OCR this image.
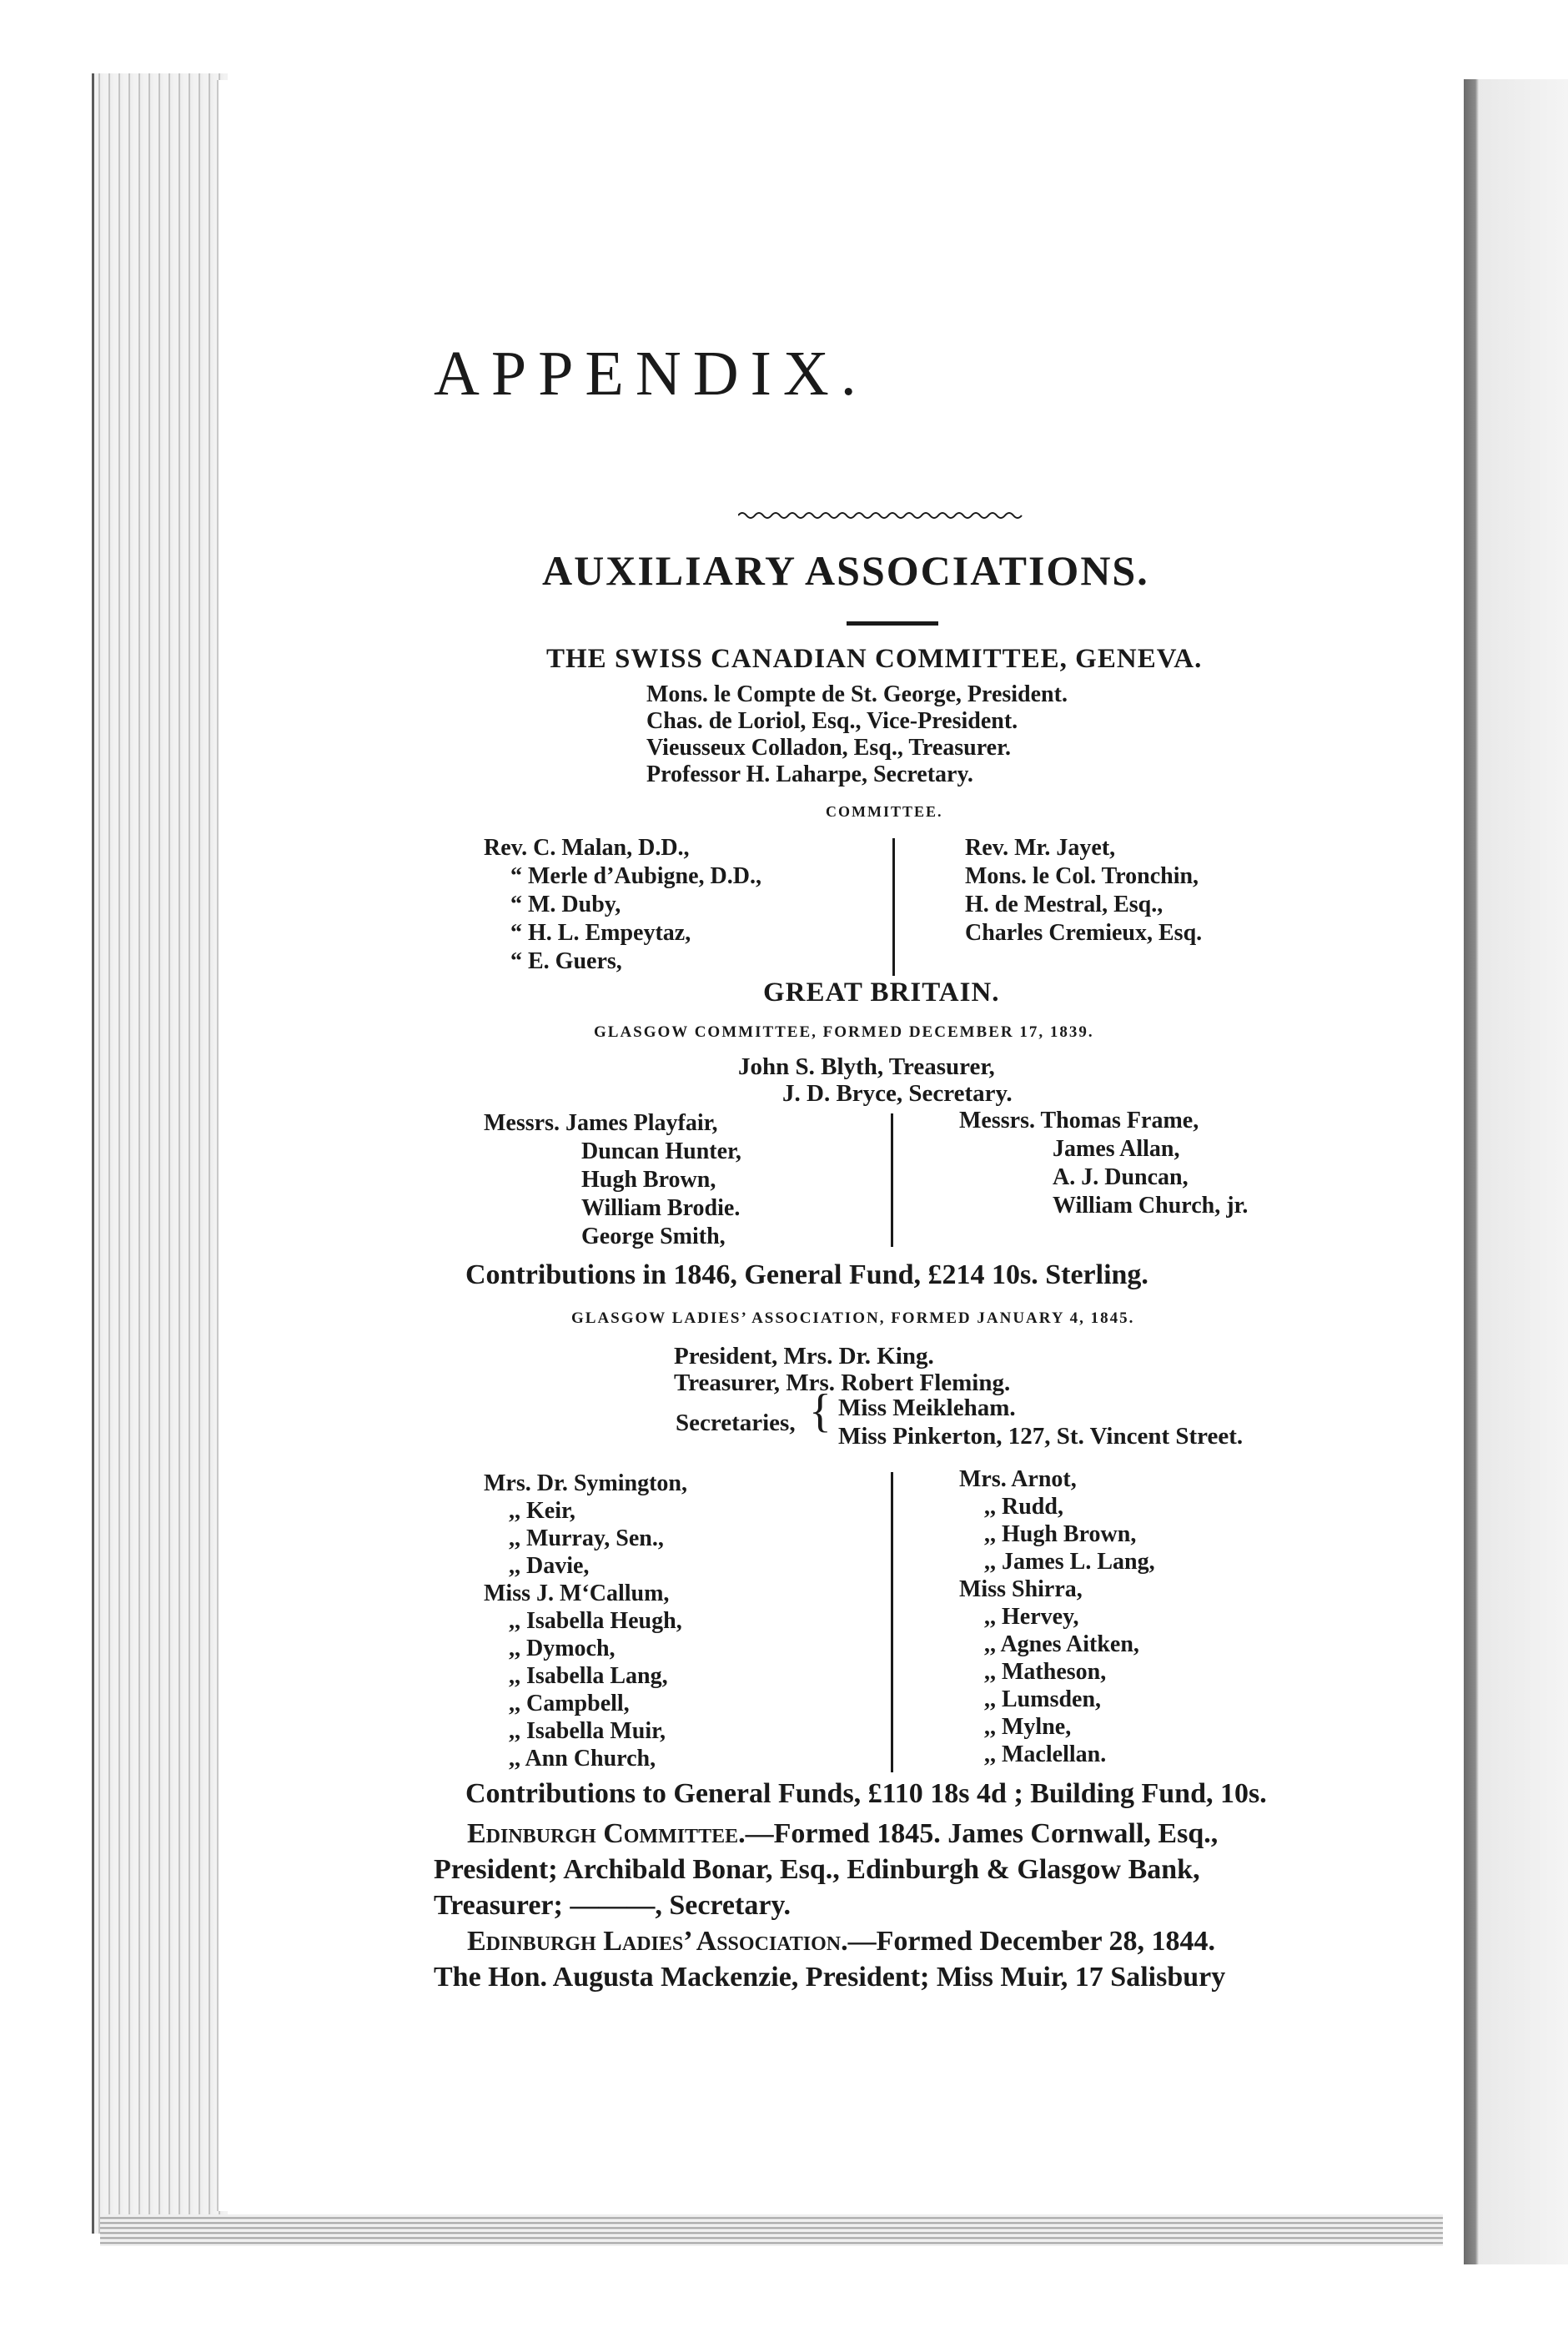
APPENDIX.
AUXILIARY ASSOCIATIONS.
THE SWISS CANADIAN COMMITTEE, GENEVA.
Mons. le Compte de St. George, President.
Chas. de Loriol, Esq., Vice-President.
Vieusseux Colladon, Esq., Treasurer.
Professor H. Laharpe, Secretary.
COMMITTEE.
Rev. C. Malan, D.D.,
“ Merle d’Aubigne, D.D.,
“ M. Duby,
“ H. L. Empeytaz,
“ E. Guers,
Rev. Mr. Jayet,
Mons. le Col. Tronchin,
H. de Mestral, Esq.,
Charles Cremieux, Esq.
GREAT BRITAIN.
GLASGOW COMMITTEE, FORMED DECEMBER 17, 1839.
John S. Blyth, Treasurer,
J. D. Bryce, Secretary.
Messrs. James Playfair,
Duncan Hunter,
Hugh Brown,
William Brodie.
George Smith,
Messrs. Thomas Frame,
James Allan,
A. J. Duncan,
William Church, jr.
Contributions in 1846, General Fund, £214 10s. Sterling.
GLASGOW LADIES’ ASSOCIATION, FORMED JANUARY 4, 1845.
President, Mrs. Dr. King.
Treasurer, Mrs. Robert Fleming.
Secretaries, { Miss Meikleham.
Miss Pinkerton, 127, St. Vincent Street.
Mrs. Dr. Symington,
,, Keir,
,, Murray, Sen.,
,, Davie,
Miss J. M‘Callum,
,, Isabella Heugh,
,, Dymoch,
,, Isabella Lang,
,, Campbell,
,, Isabella Muir,
,, Ann Church,
Mrs. Arnot,
,, Rudd,
,, Hugh Brown,
,, James L. Lang,
Miss Shirra,
,, Hervey,
,, Agnes Aitken,
,, Matheson,
,, Lumsden,
,, Mylne,
,, Maclellan.
Contributions to General Funds, £110 18s 4d ; Building Fund, 10s.
Edinburgh Committee.—Formed 1845. James Cornwall, Esq.,
President; Archibald Bonar, Esq., Edinburgh & Glasgow Bank,
Treasurer; ———, Secretary.
Edinburgh Ladies’ Association.—Formed December 28, 1844.
The Hon. Augusta Mackenzie, President; Miss Muir, 17 Salisbury
